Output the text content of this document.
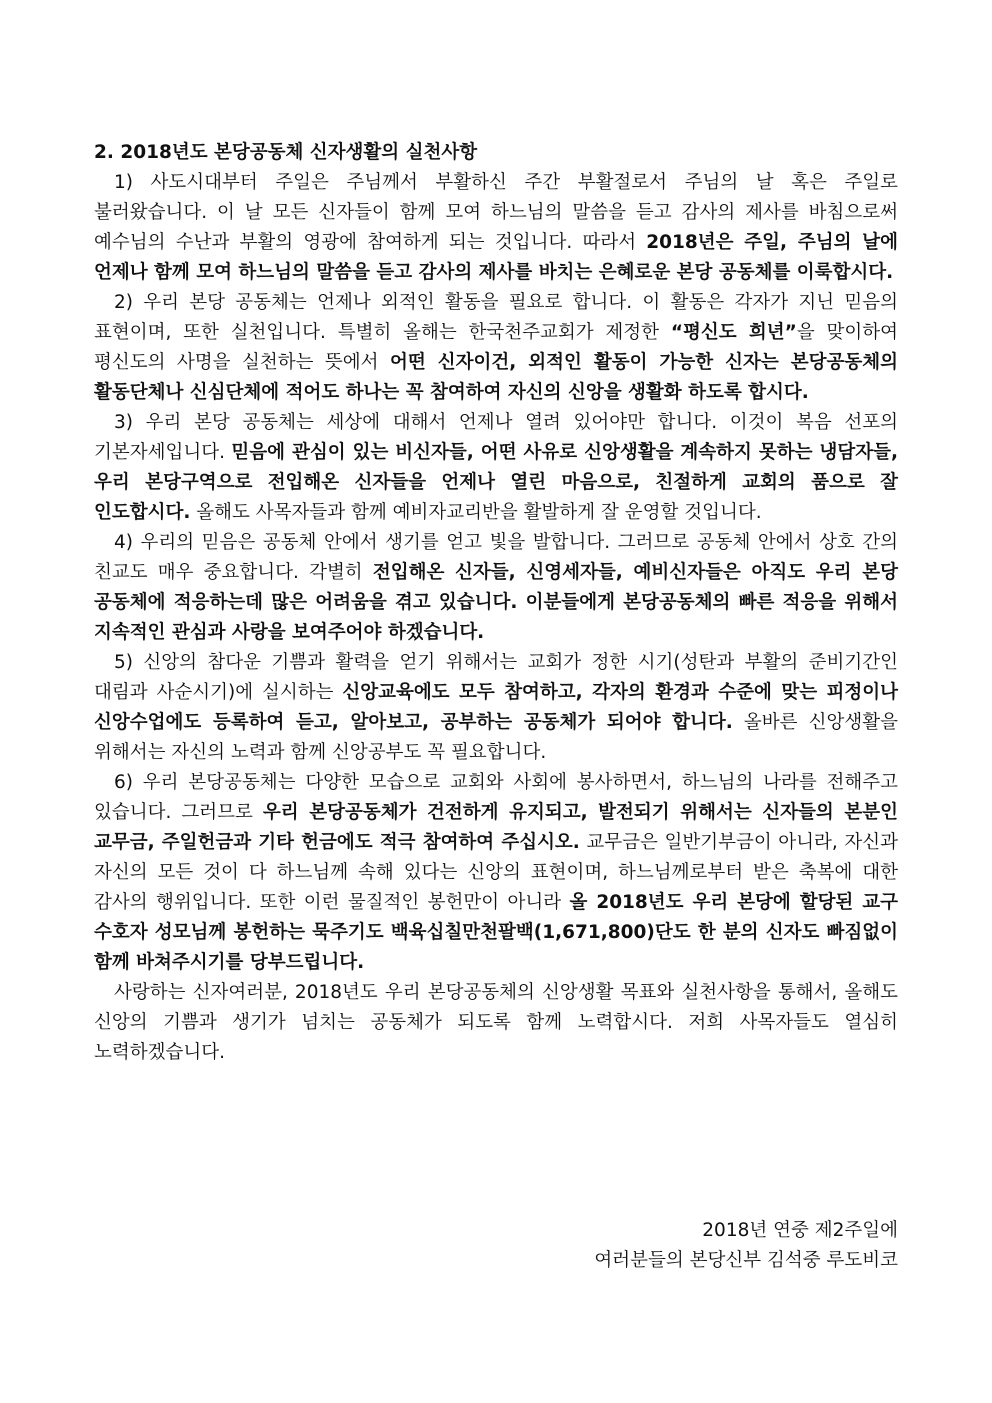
2. 2018년도 본당공동체 신자생활의 실천사항

1) 사도시대부터 주일은 주님께서 부활하신 주간 부활절로서 주님의 날 혹은 주일로 불러왔습니다. 이 날 모든 신자들이 함께 모여 하느님의 말씀을 듣고 감사의 제사를 바침으로써 예수님의 수난과 부활의 영광에 참여하게 되는 것입니다. 따라서 2018년은 주일, 주님의 날에 언제나 함께 모여 하느님의 말씀을 듣고 감사의 제사를 바치는 은혜로운 본당 공동체를 이룩합시다.

2) 우리 본당 공동체는 언제나 외적인 활동을 필요로 합니다. 이 활동은 각자가 지닌 믿음의 표현이며, 또한 실천입니다. 특별히 올해는 한국천주교회가 제정한 “평신도 희년”을 맞이하여 평신도의 사명을 실천하는 뜻에서 어떤 신자이건, 외적인 활동이 가능한 신자는 본당공동체의 활동단체나 신심단체에 적어도 하나는 꼭 참여하여 자신의 신앙을 생활화 하도록 합시다.

3) 우리 본당 공동체는 세상에 대해서 언제나 열려 있어야만 합니다. 이것이 복음 선포의 기본자세입니다. 믿음에 관심이 있는 비신자들, 어떤 사유로 신앙생활을 계속하지 못하는 냉담자들, 우리 본당구역으로 전입해온 신자들을 언제나 열린 마음으로, 친절하게 교회의 품으로 잘 인도합시다. 올해도 사목자들과 함께 예비자교리반을 활발하게 잘 운영할 것입니다.

4) 우리의 믿음은 공동체 안에서 생기를 얻고 빛을 발합니다. 그러므로 공동체 안에서 상호 간의 친교도 매우 중요합니다. 각별히 전입해온 신자들, 신영세자들, 예비신자들은 아직도 우리 본당 공동체에 적응하는데 많은 어려움을 겪고 있습니다. 이분들에게 본당공동체의 빠른 적응을 위해서 지속적인 관심과 사랑을 보여주어야 하겠습니다.

5) 신앙의 참다운 기쁨과 활력을 얻기 위해서는 교회가 정한 시기(성탄과 부활의 준비기간인 대림과 사순시기)에 실시하는 신앙교육에도 모두 참여하고, 각자의 환경과 수준에 맞는 피정이나 신앙수업에도 등록하여 듣고, 알아보고, 공부하는 공동체가 되어야 합니다. 올바른 신앙생활을 위해서는 자신의 노력과 함께 신앙공부도 꼭 필요합니다.

6) 우리 본당공동체는 다양한 모습으로 교회와 사회에 봉사하면서, 하느님의 나라를 전해주고 있습니다. 그러므로 우리 본당공동체가 건전하게 유지되고, 발전되기 위해서는 신자들의 본분인 교무금, 주일헌금과 기타 헌금에도 적극 참여하여 주십시오. 교무금은 일반기부금이 아니라, 자신과 자신의 모든 것이 다 하느님께 속해 있다는 신앙의 표현이며, 하느님께로부터 받은 축복에 대한 감사의 행위입니다. 또한 이런 물질적인 봉헌만이 아니라 올 2018년도 우리 본당에 할당된 교구 수호자 성모님께 봉헌하는 묵주기도 백육십칠만천팔백(1,671,800)단도 한 분의 신자도 빠짐없이 함께 바쳐주시기를 당부드립니다.

사랑하는 신자여러분, 2018년도 우리 본당공동체의 신앙생활 목표와 실천사항을 통해서, 올해도 신앙의 기쁨과 생기가 넘치는 공동체가 되도록 함께 노력합시다. 저희 사목자들도 열심히 노력하겠습니다.

2018년 연중 제2주일에
여러분들의 본당신부 김석중 루도비코
